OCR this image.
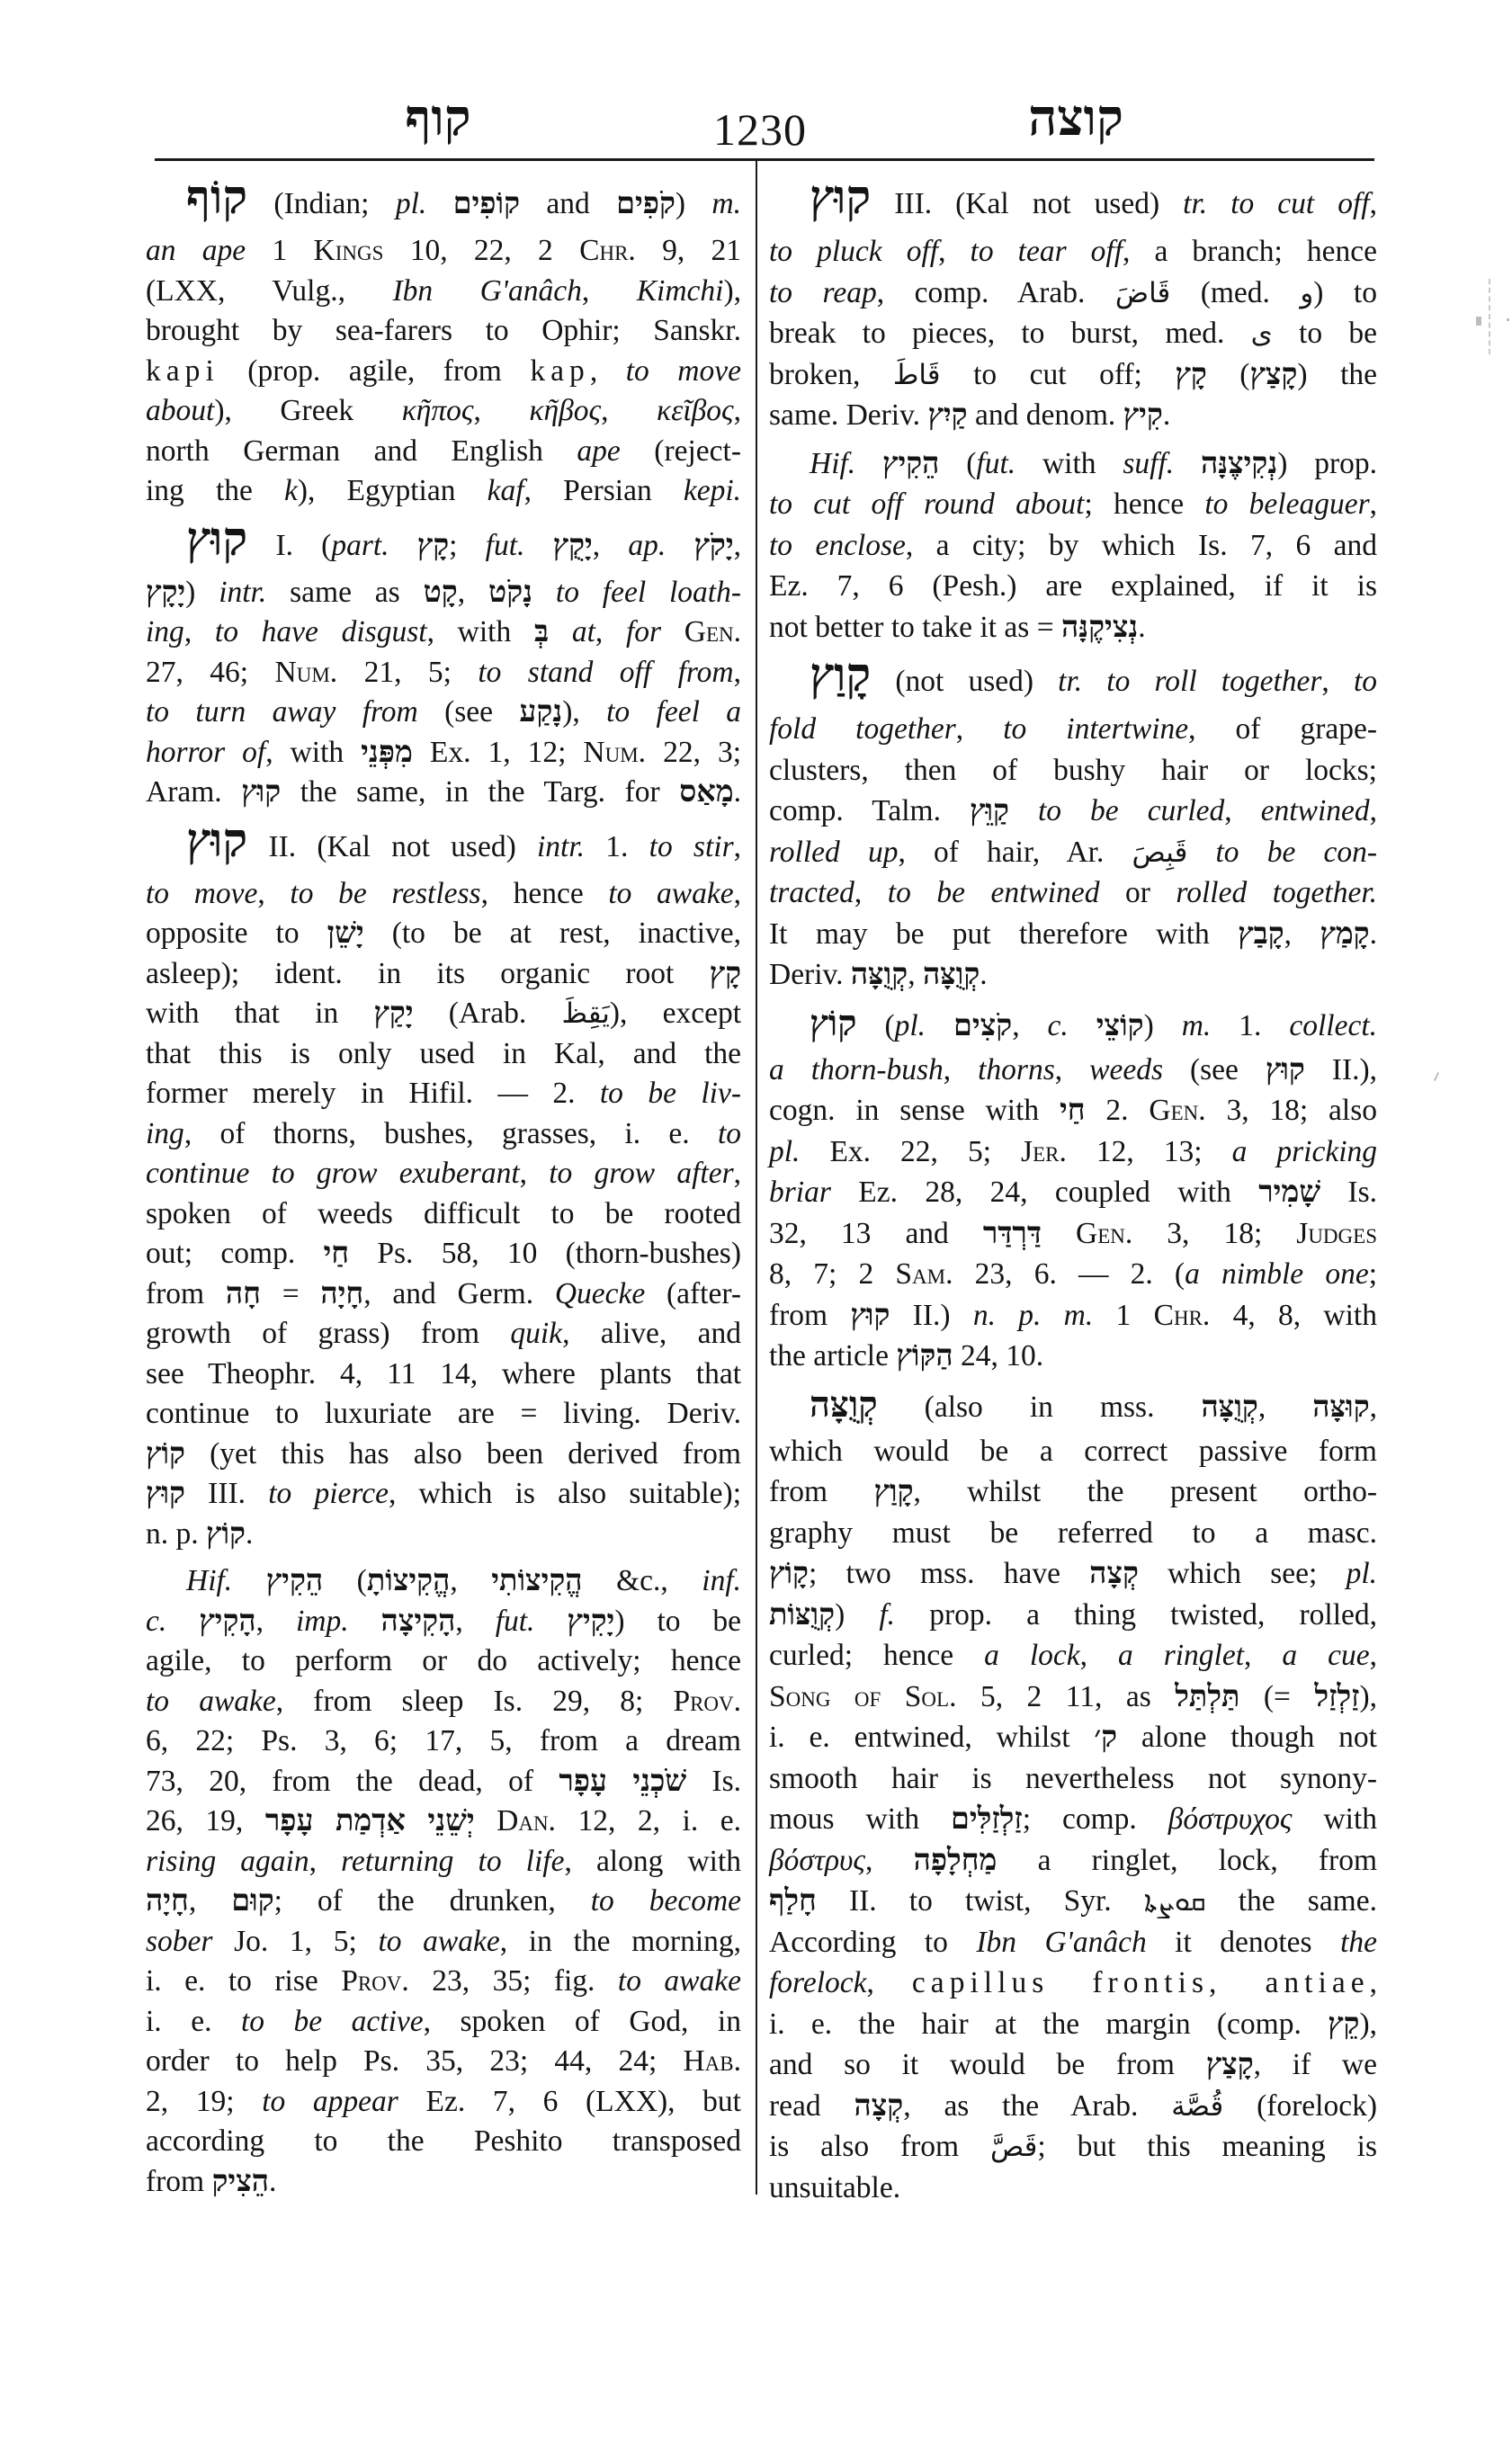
קוף	1230	קוצה
קוֹף (Indian; pl. קוֹפִים and קֹפִים) m.
an ape 1 Kings 10, 22, 2 Chr. 9, 21
(LXX, Vulg., Ibn G'anâch, Kimchi),
brought by sea-farers to Ophir; Sanskr.
kapi (prop. agile, from kap, to move
about), Greek κῆπος, κῆβος, κεῖβος,
north German and English ape (reject-
ing the k), Egyptian kaf, Persian kepi.
קוּץ I. (part. קָץ; fut. יָקֻץ, ap. יָקֹץ,
יָקָץ) intr. same as קָט, נָקֹט to feel loath-
ing, to have disgust, with בְּ at, for Gen.
27, 46; Num. 21, 5; to stand off from,
to turn away from (see נָקַע), to feel a
horror of, with מִפְּנֵי Ex. 1, 12; Num. 22, 3;
Aram. קוּץ the same, in the Targ. for מָאַס.
קוּץ II. (Kal not used) intr. 1. to stir,
to move, to be restless, hence to awake,
opposite to יָשֵׁן (to be at rest, inactive,
asleep); ident. in its organic root קָץ
with that in יָקַץ (Arab. يَقِظَ), except
that this is only used in Kal, and the
former merely in Hifil. — 2. to be liv-
ing, of thorns, bushes, grasses, i. e. to
continue to grow exuberant, to grow after,
spoken of weeds difficult to be rooted
out; comp. חַי Ps. 58, 10 (thorn-bushes)
from חָה = חָיָה, and Germ. Quecke (after-
growth of grass) from quik, alive, and
see Theophr. 4, 11 14, where plants that
continue to luxuriate are = living. Deriv.
קוֹץ (yet this has also been derived from
קוּץ III. to pierce, which is also suitable);
n. p. קוֹץ.
Hif. הֵקִיץ (הֱקִיצוֹתָ, הֱקִיצוֹתִי &c., inf.
c. הָקִיץ, imp. הָקִיצָה, fut. יָקִיץ) to be
agile, to perform or do actively; hence
to awake, from sleep Is. 29, 8; Prov.
6, 22; Ps. 3, 6; 17, 5, from a dream
73, 20, from the dead, of שֹׁכְנֵי עָפָר Is.
26, 19, יְשֵׁנֵי אַדְמַת עָפָר Dan. 12, 2, i. e.
rising again, returning to life, along with
חָיָה, קוּם; of the drunken, to become
sober Jo. 1, 5; to awake, in the morning,
i. e. to rise Prov. 23, 35; fig. to awake
i. e. to be active, spoken of God, in
order to help Ps. 35, 23; 44, 24; Hab.
2, 19; to appear Ez. 7, 6 (LXX), but
according to the Peshito transposed
from הֵצִיק.
קוּץ III. (Kal not used) tr. to cut off,
to pluck off, to tear off, a branch; hence
to reap, comp. Arab. قَاضَ (med. و) to
break to pieces, to burst, med. ى to be
broken, قَاطَ to cut off; קָץ (קָצַץ) the
same. Deriv. קַיִץ and denom. קִיץ.
Hif. הֵקִיץ (fut. with suff. נְקִיצֶנָּה) prop.
to cut off round about; hence to beleaguer,
to enclose, a city; by which Is. 7, 6 and
Ez. 7, 6 (Pesh.) are explained, if it is
not better to take it as = נְצִיקֶנָּה.
קָוַץ (not used) tr. to roll together, to
fold together, to intertwine, of grape-
clusters, then of bushy hair or locks;
comp. Talm. קַוֵּץ to be curled, entwined,
rolled up, of hair, Ar. قَبِصَ to be con-
tracted, to be entwined or rolled together.
It may be put therefore with קָבַץ, קָמַץ.
Deriv. קְוֻצָּה, קְוֻצָּה.
קוֹץ (pl. קֹצִים, c. קוֹצֵי) m. 1. collect.
a thorn-bush, thorns, weeds (see קוּץ II.),
cogn. in sense with חַי 2. Gen. 3, 18; also
pl. Ex. 22, 5; Jer. 12, 13; a pricking
briar Ez. 28, 24, coupled with שָׁמִיר Is.
32, 13 and דַּרְדַּר Gen. 3, 18; Judges
8, 7; 2 Sam. 23, 6. — 2. (a nimble one;
from קוּץ II.) n. p. m. 1 Chr. 4, 8, with
the article הַקּוֹץ 24, 10.
קְוֻצָּה (also in mss. קְוֻצָּה, קוּצָּה,
which would be a correct passive form
from קָוַץ, whilst the present ortho-
graphy must be referred to a masc.
קָוֹץ; two mss. have קְצָה which see; pl.
קְוֻצּוֹת) f. prop. a thing twisted, rolled,
curled; hence a lock, a ringlet, a cue,
Song of Sol. 5, 2 11, as תַּלְתַּל (= זַלְזַל),
i. e. entwined, whilst ק׳ alone though not
smooth hair is nevertheless not synony-
mous with זַלְזַלִּים; comp. βόστρυχος with
βόστρυς, מַחְלָפָה a ringlet, lock, from
חָלַף II. to twist, Syr. ܩܘܨܬܐ the same.
According to Ibn G'anâch it denotes the
forelock, capillus frontis, antiae,
i. e. the hair at the margin (comp. קֵץ),
and so it would be from קָצַץ, if we
read קְצָה, as the Arab. قُصَّة (forelock)
is also from قَصَّ; but this meaning is
unsuitable.
